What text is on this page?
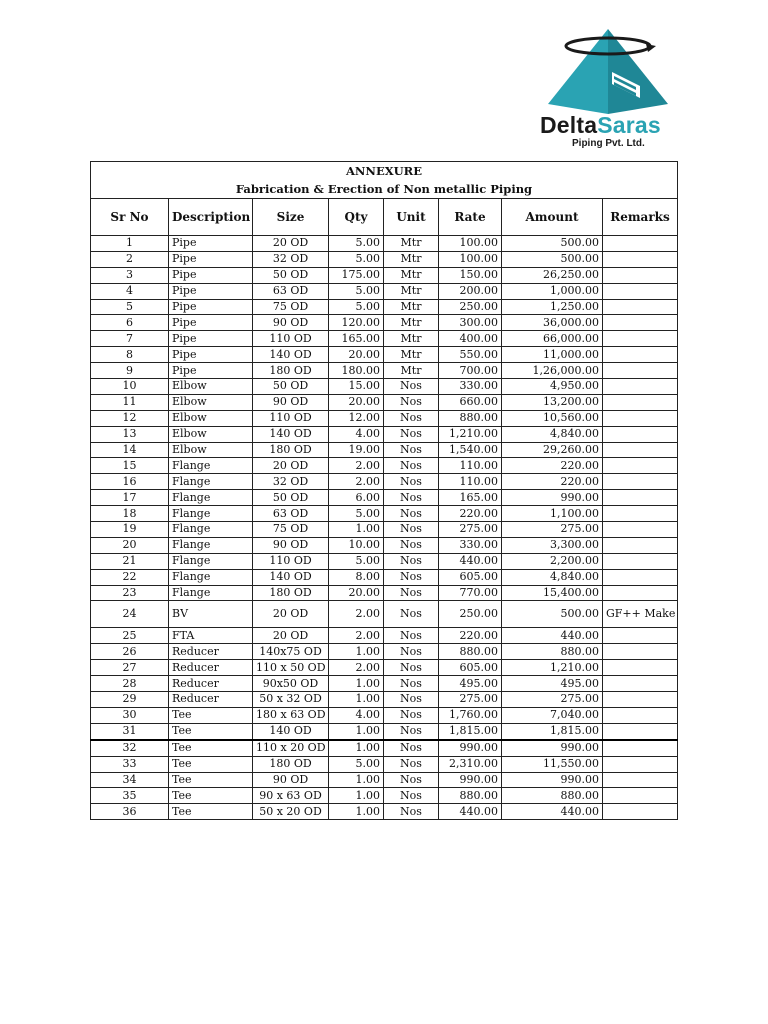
DeltaSaras
Piping Pvt. Ltd.
ANNEXURE							
Fabrication & Erection of Non metallic Piping							
Sr No	Description	Size	Qty	Unit	Rate	Amount	Remarks
1	Pipe	20 OD	5.00	Mtr	100.00	500.00	
2	Pipe	32 OD	5.00	Mtr	100.00	500.00	
3	Pipe	50 OD	175.00	Mtr	150.00	26,250.00	
4	Pipe	63 OD	5.00	Mtr	200.00	1,000.00	
5	Pipe	75 OD	5.00	Mtr	250.00	1,250.00	
6	Pipe	90 OD	120.00	Mtr	300.00	36,000.00	
7	Pipe	110 OD	165.00	Mtr	400.00	66,000.00	
8	Pipe	140 OD	20.00	Mtr	550.00	11,000.00	
9	Pipe	180 OD	180.00	Mtr	700.00	1,26,000.00	
10	Elbow	50 OD	15.00	Nos	330.00	4,950.00	
11	Elbow	90 OD	20.00	Nos	660.00	13,200.00	
12	Elbow	110 OD	12.00	Nos	880.00	10,560.00	
13	Elbow	140 OD	4.00	Nos	1,210.00	4,840.00	
14	Elbow	180 OD	19.00	Nos	1,540.00	29,260.00	
15	Flange	20 OD	2.00	Nos	110.00	220.00	
16	Flange	32 OD	2.00	Nos	110.00	220.00	
17	Flange	50 OD	6.00	Nos	165.00	990.00	
18	Flange	63 OD	5.00	Nos	220.00	1,100.00	
19	Flange	75 OD	1.00	Nos	275.00	275.00	
20	Flange	90 OD	10.00	Nos	330.00	3,300.00	
21	Flange	110 OD	5.00	Nos	440.00	2,200.00	
22	Flange	140 OD	8.00	Nos	605.00	4,840.00	
23	Flange	180 OD	20.00	Nos	770.00	15,400.00	
24	BV	20 OD	2.00	Nos	250.00	500.00	GF++ Make
25	FTA	20 OD	2.00	Nos	220.00	440.00	
26	Reducer	140x75 OD	1.00	Nos	880.00	880.00	
27	Reducer	110 x 50 OD	2.00	Nos	605.00	1,210.00	
28	Reducer	90x50 OD	1.00	Nos	495.00	495.00	
29	Reducer	50 x 32 OD	1.00	Nos	275.00	275.00	
30	Tee	180 x 63 OD	4.00	Nos	1,760.00	7,040.00	
31	Tee	140 OD	1.00	Nos	1,815.00	1,815.00	
32	Tee	110 x 20 OD	1.00	Nos	990.00	990.00	
33	Tee	180 OD	5.00	Nos	2,310.00	11,550.00	
34	Tee	90 OD	1.00	Nos	990.00	990.00	
35	Tee	90 x 63 OD	1.00	Nos	880.00	880.00	
36	Tee	50 x 20 OD	1.00	Nos	440.00	440.00	
